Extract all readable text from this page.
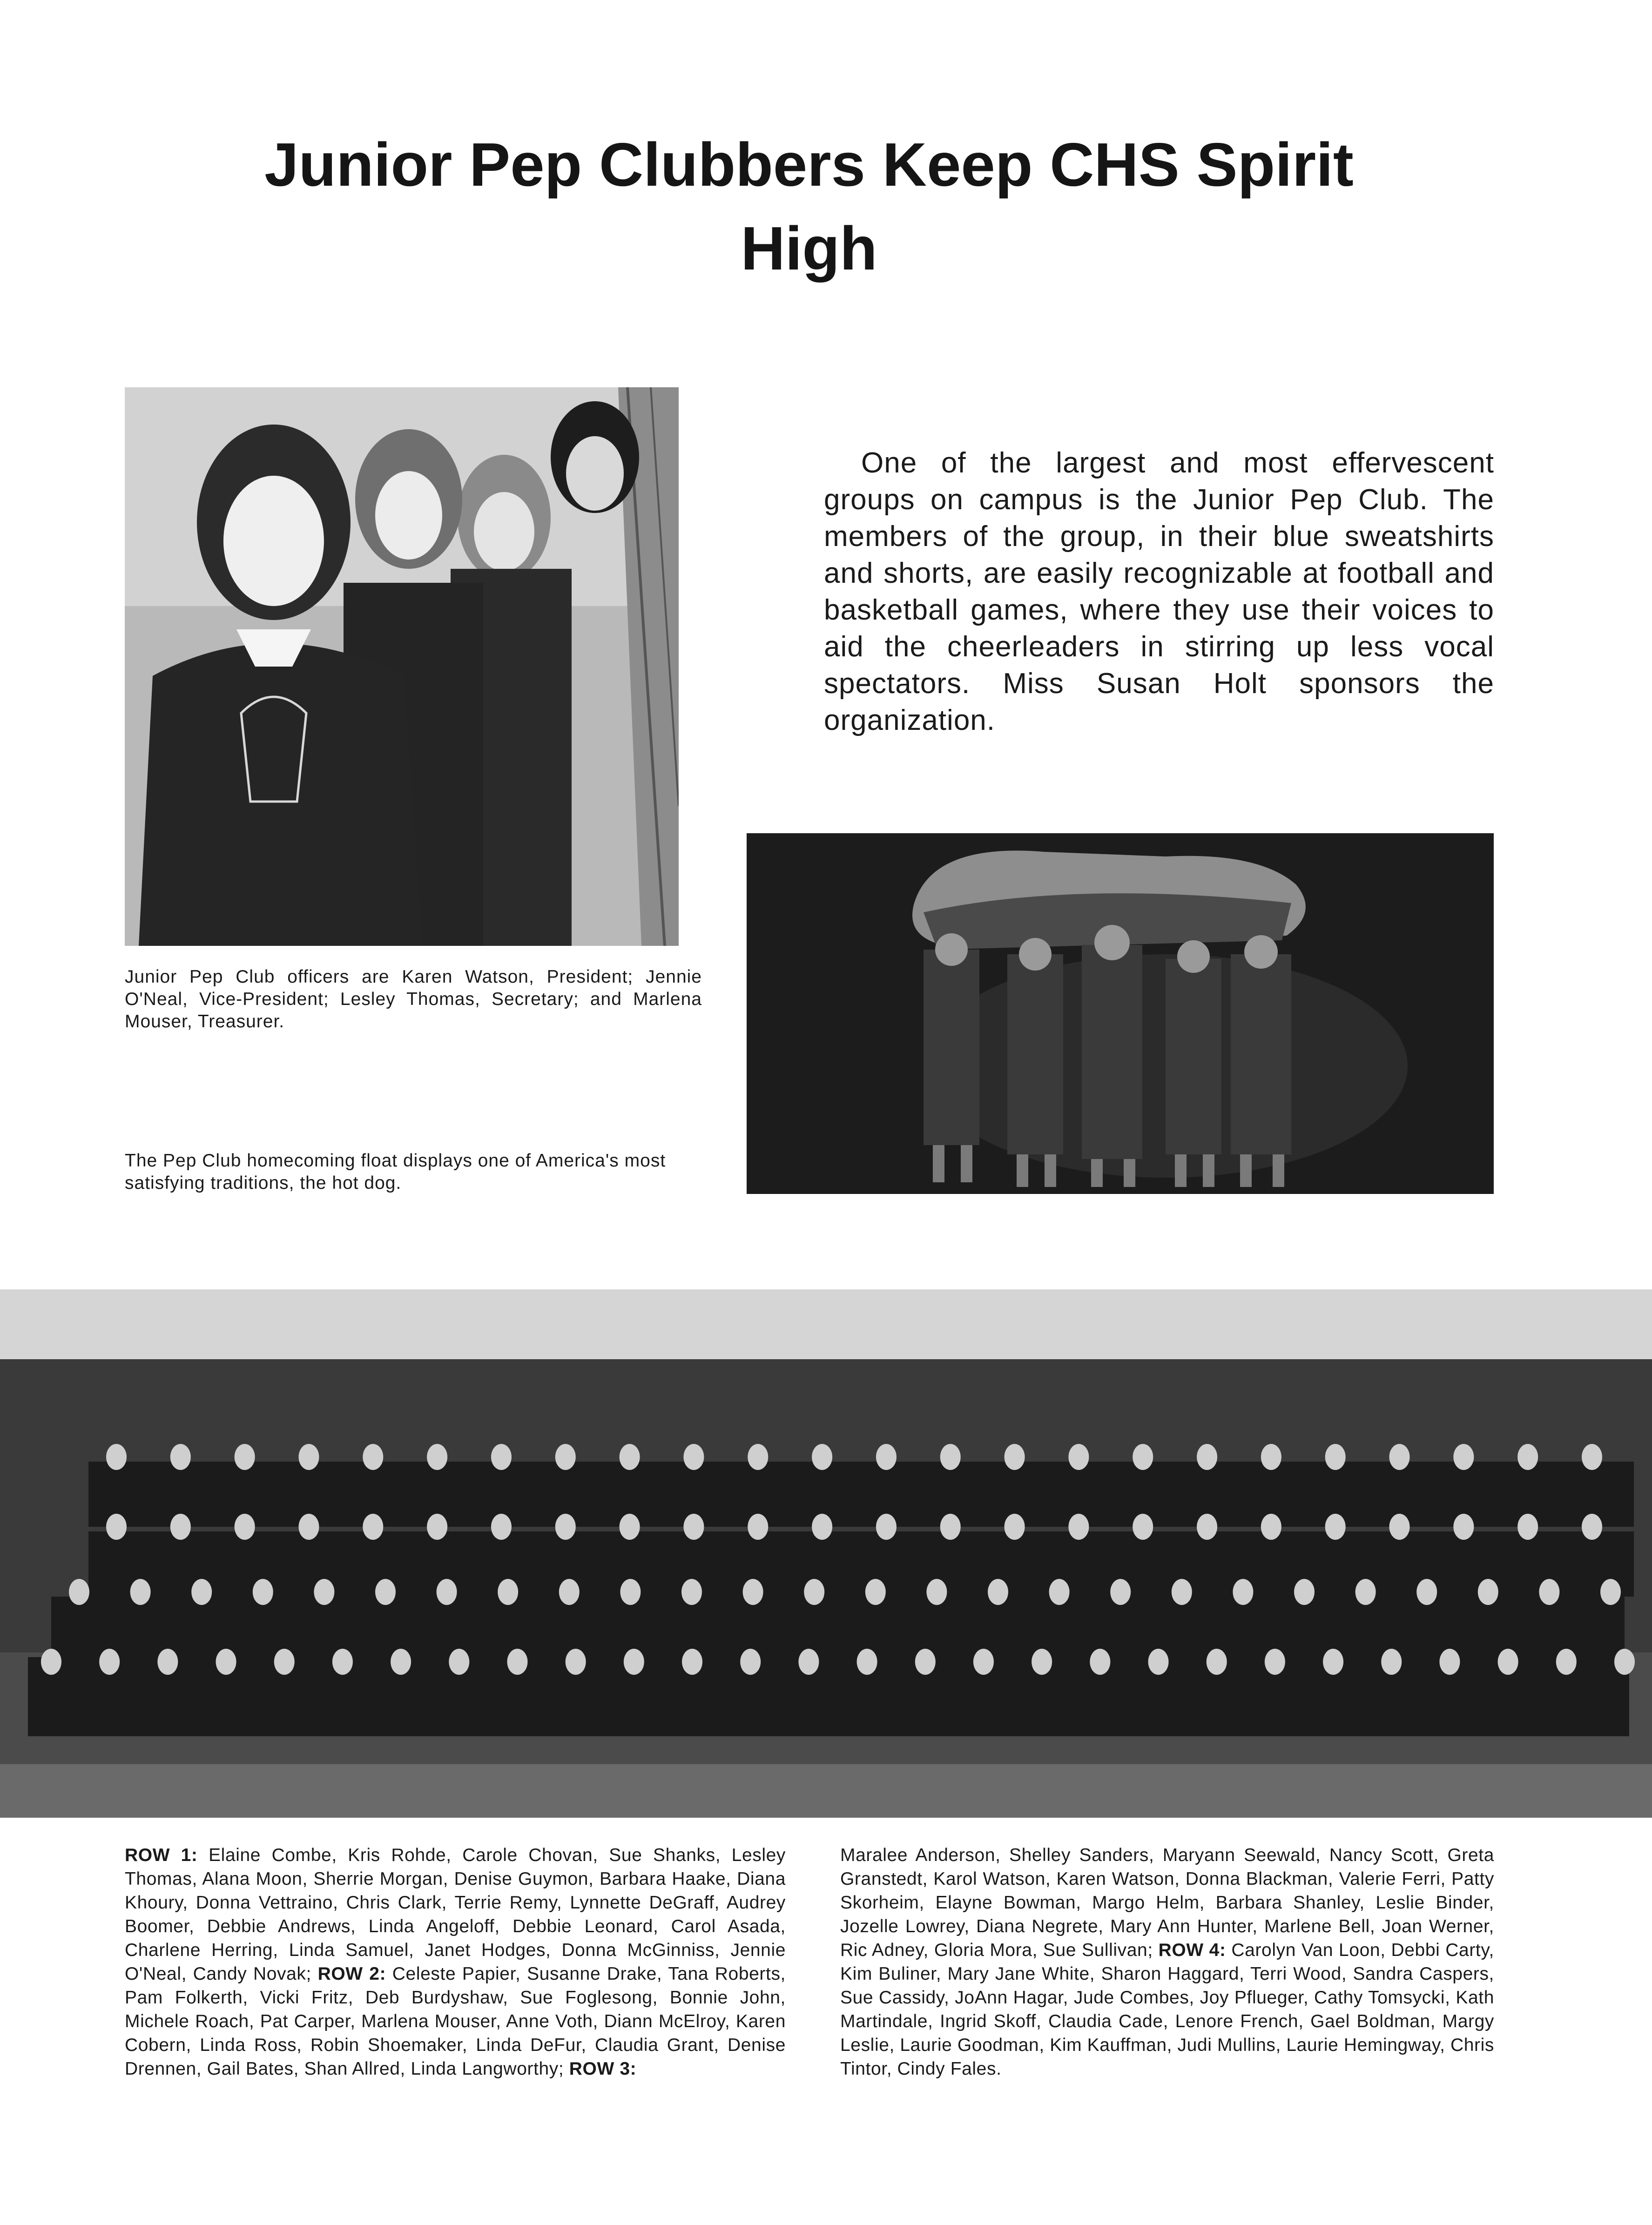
Junior Pep Clubbers Keep CHS Spirit High
One of the largest and most effervescent groups on campus is the Junior Pep Club. The members of the group, in their blue sweatshirts and shorts, are easily recognizable at football and basketball games, where they use their voices to aid the cheerleaders in stirring up less vocal spectators. Miss Susan Holt sponsors the organization.
Junior Pep Club officers are Karen Watson, President; Jennie O'Neal, Vice-President; Lesley Thomas, Secretary; and Marlena Mouser, Treasurer.
The Pep Club homecoming float displays one of America's most satisfying traditions, the hot dog.
ROW 1: Elaine Combe, Kris Rohde, Carole Chovan, Sue Shanks, Lesley Thomas, Alana Moon, Sherrie Morgan, Denise Guymon, Barbara Haake, Diana Khoury, Donna Vettraino, Chris Clark, Terrie Remy, Lynnette DeGraff, Audrey Boomer, Debbie Andrews, Linda Angeloff, Debbie Leonard, Carol Asada, Charlene Herring, Linda Samuel, Janet Hodges, Donna McGinniss, Jennie O'Neal, Candy Novak; ROW 2: Celeste Papier, Susanne Drake, Tana Roberts, Pam Folkerth, Vicki Fritz, Deb Burdyshaw, Sue Foglesong, Bonnie John, Michele Roach, Pat Carper, Marlena Mouser, Anne Voth, Diann McElroy, Karen Cobern, Linda Ross, Robin Shoemaker, Linda DeFur, Claudia Grant, Denise Drennen, Gail Bates, Shan Allred, Linda Langworthy; ROW 3:
Maralee Anderson, Shelley Sanders, Maryann Seewald, Nancy Scott, Greta Granstedt, Karol Watson, Karen Watson, Donna Blackman, Valerie Ferri, Patty Skorheim, Elayne Bowman, Margo Helm, Barbara Shanley, Leslie Binder, Jozelle Lowrey, Diana Negrete, Mary Ann Hunter, Marlene Bell, Joan Werner, Ric Adney, Gloria Mora, Sue Sullivan; ROW 4: Carolyn Van Loon, Debbi Carty, Kim Buliner, Mary Jane White, Sharon Haggard, Terri Wood, Sandra Caspers, Sue Cassidy, JoAnn Hagar, Jude Combes, Joy Pflueger, Cathy Tomsycki, Kath Martindale, Ingrid Skoff, Claudia Cade, Lenore French, Gael Boldman, Margy Leslie, Laurie Goodman, Kim Kauffman, Judi Mullins, Laurie Hemingway, Chris Tintor, Cindy Fales.
